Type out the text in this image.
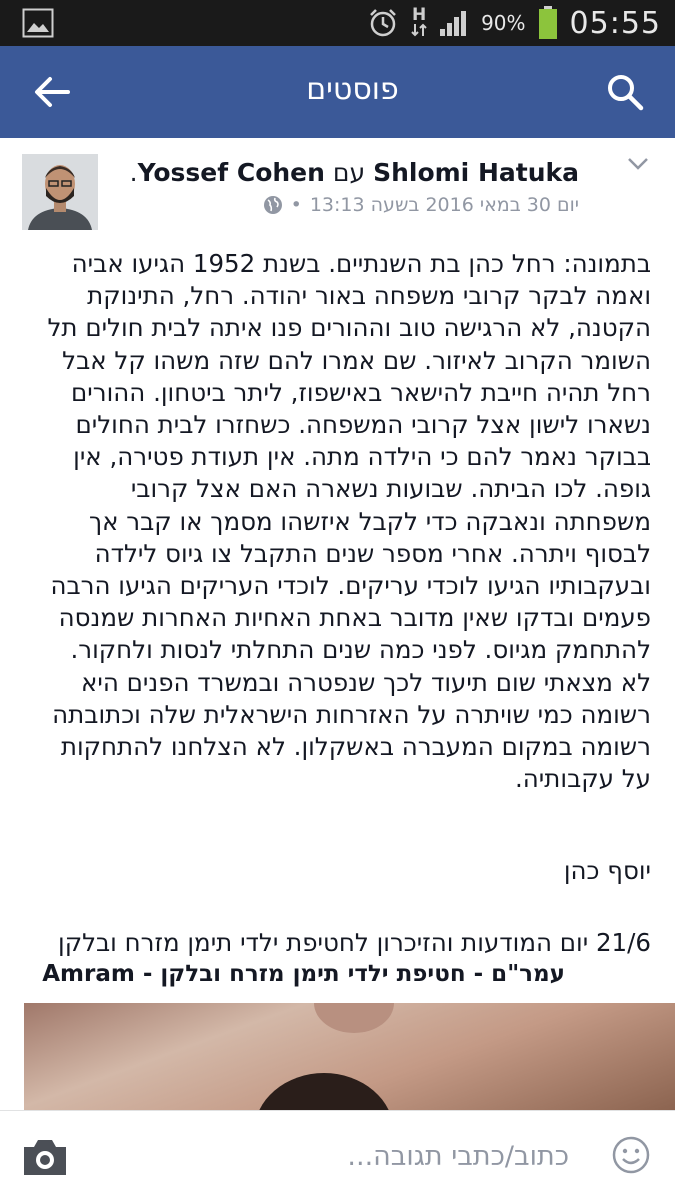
H	90% 05:55
פוסטים
Shlomi Hatuka עם Yossef Cohen.
יום 30 במאי 2016 בשעה 13:13
•

בתמונה: רחל כהן בת השנתיים. בשנת 1952 הגיעו אביה

ואמה לבקר קרובי משפחה באור יהודה. רחל, התינוקת

הקטנה, לא הרגישה טוב וההורים פנו איתה לבית חולים תל

השומר הקרוב לאיזור. שם אמרו להם שזה משהו קל אבל

רחל תהיה חייבת להישאר באישפוז, ליתר ביטחון. ההורים

נשארו לישון אצל קרובי המשפחה. כשחזרו לבית החולים

בבוקר נאמר להם כי הילדה מתה. אין תעודת פטירה, אין

גופה. לכו הביתה. שבועות נשארה האם אצל קרובי

משפחתה ונאבקה כדי לקבל איזשהו מסמך או קבר אך

לבסוף ויתרה. אחרי מספר שנים התקבל צו גיוס לילדה

ובעקבותיו הגיעו לוכדי עריקים. לוכדי העריקים הגיעו הרבה

פעמים ובדקו שאין מדובר באחת האחיות האחרות שמנסה

להתחמק מגיוס. לפני כמה שנים התחלתי לנסות ולחקור.

לא מצאתי שום תיעוד לכך שנפטרה ובמשרד הפנים היא

רשומה כמי שויתרה על האזרחות הישראלית שלה וכתובתה

רשומה במקום המעברה באשקלון. לא הצלחנו להתחקות

על עקבותיה.

יוסף כהן
21/6 יום המודעות והזיכרון לחטיפת ילדי תימן מזרח ובלקן
עמר"ם - חטיפת ילדי תימן מזרח ובלקן - Amram
כתוב/כתבי תגובה...
